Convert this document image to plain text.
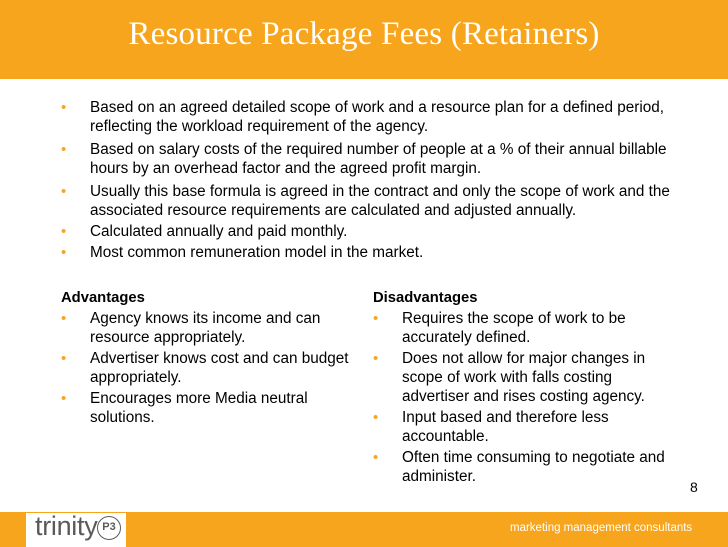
Resource Package Fees (Retainers)
• Based on an agreed detailed scope of work and a resource plan for a defined period, reflecting the workload requirement of the agency.
• Based on salary costs of the required number of people at a % of their annual billable hours by an overhead factor and the agreed profit margin.
• Usually this base formula is agreed in the contract and only the scope of work and the associated resource requirements are calculated and adjusted annually.
• Calculated annually and paid monthly.
• Most common remuneration model in the market.
Advantages
• Agency knows its income and can resource appropriately.
• Advertiser knows cost and can budget appropriately.
• Encourages more Media neutral solutions.
Disadvantages
• Requires the scope of work to be accurately defined.
• Does not allow for major changes in scope of work with falls costing advertiser and rises costing agency.
• Input based and therefore less accountable.
• Often time consuming to negotiate and administer.
8
trinity P3	marketing management consultants
